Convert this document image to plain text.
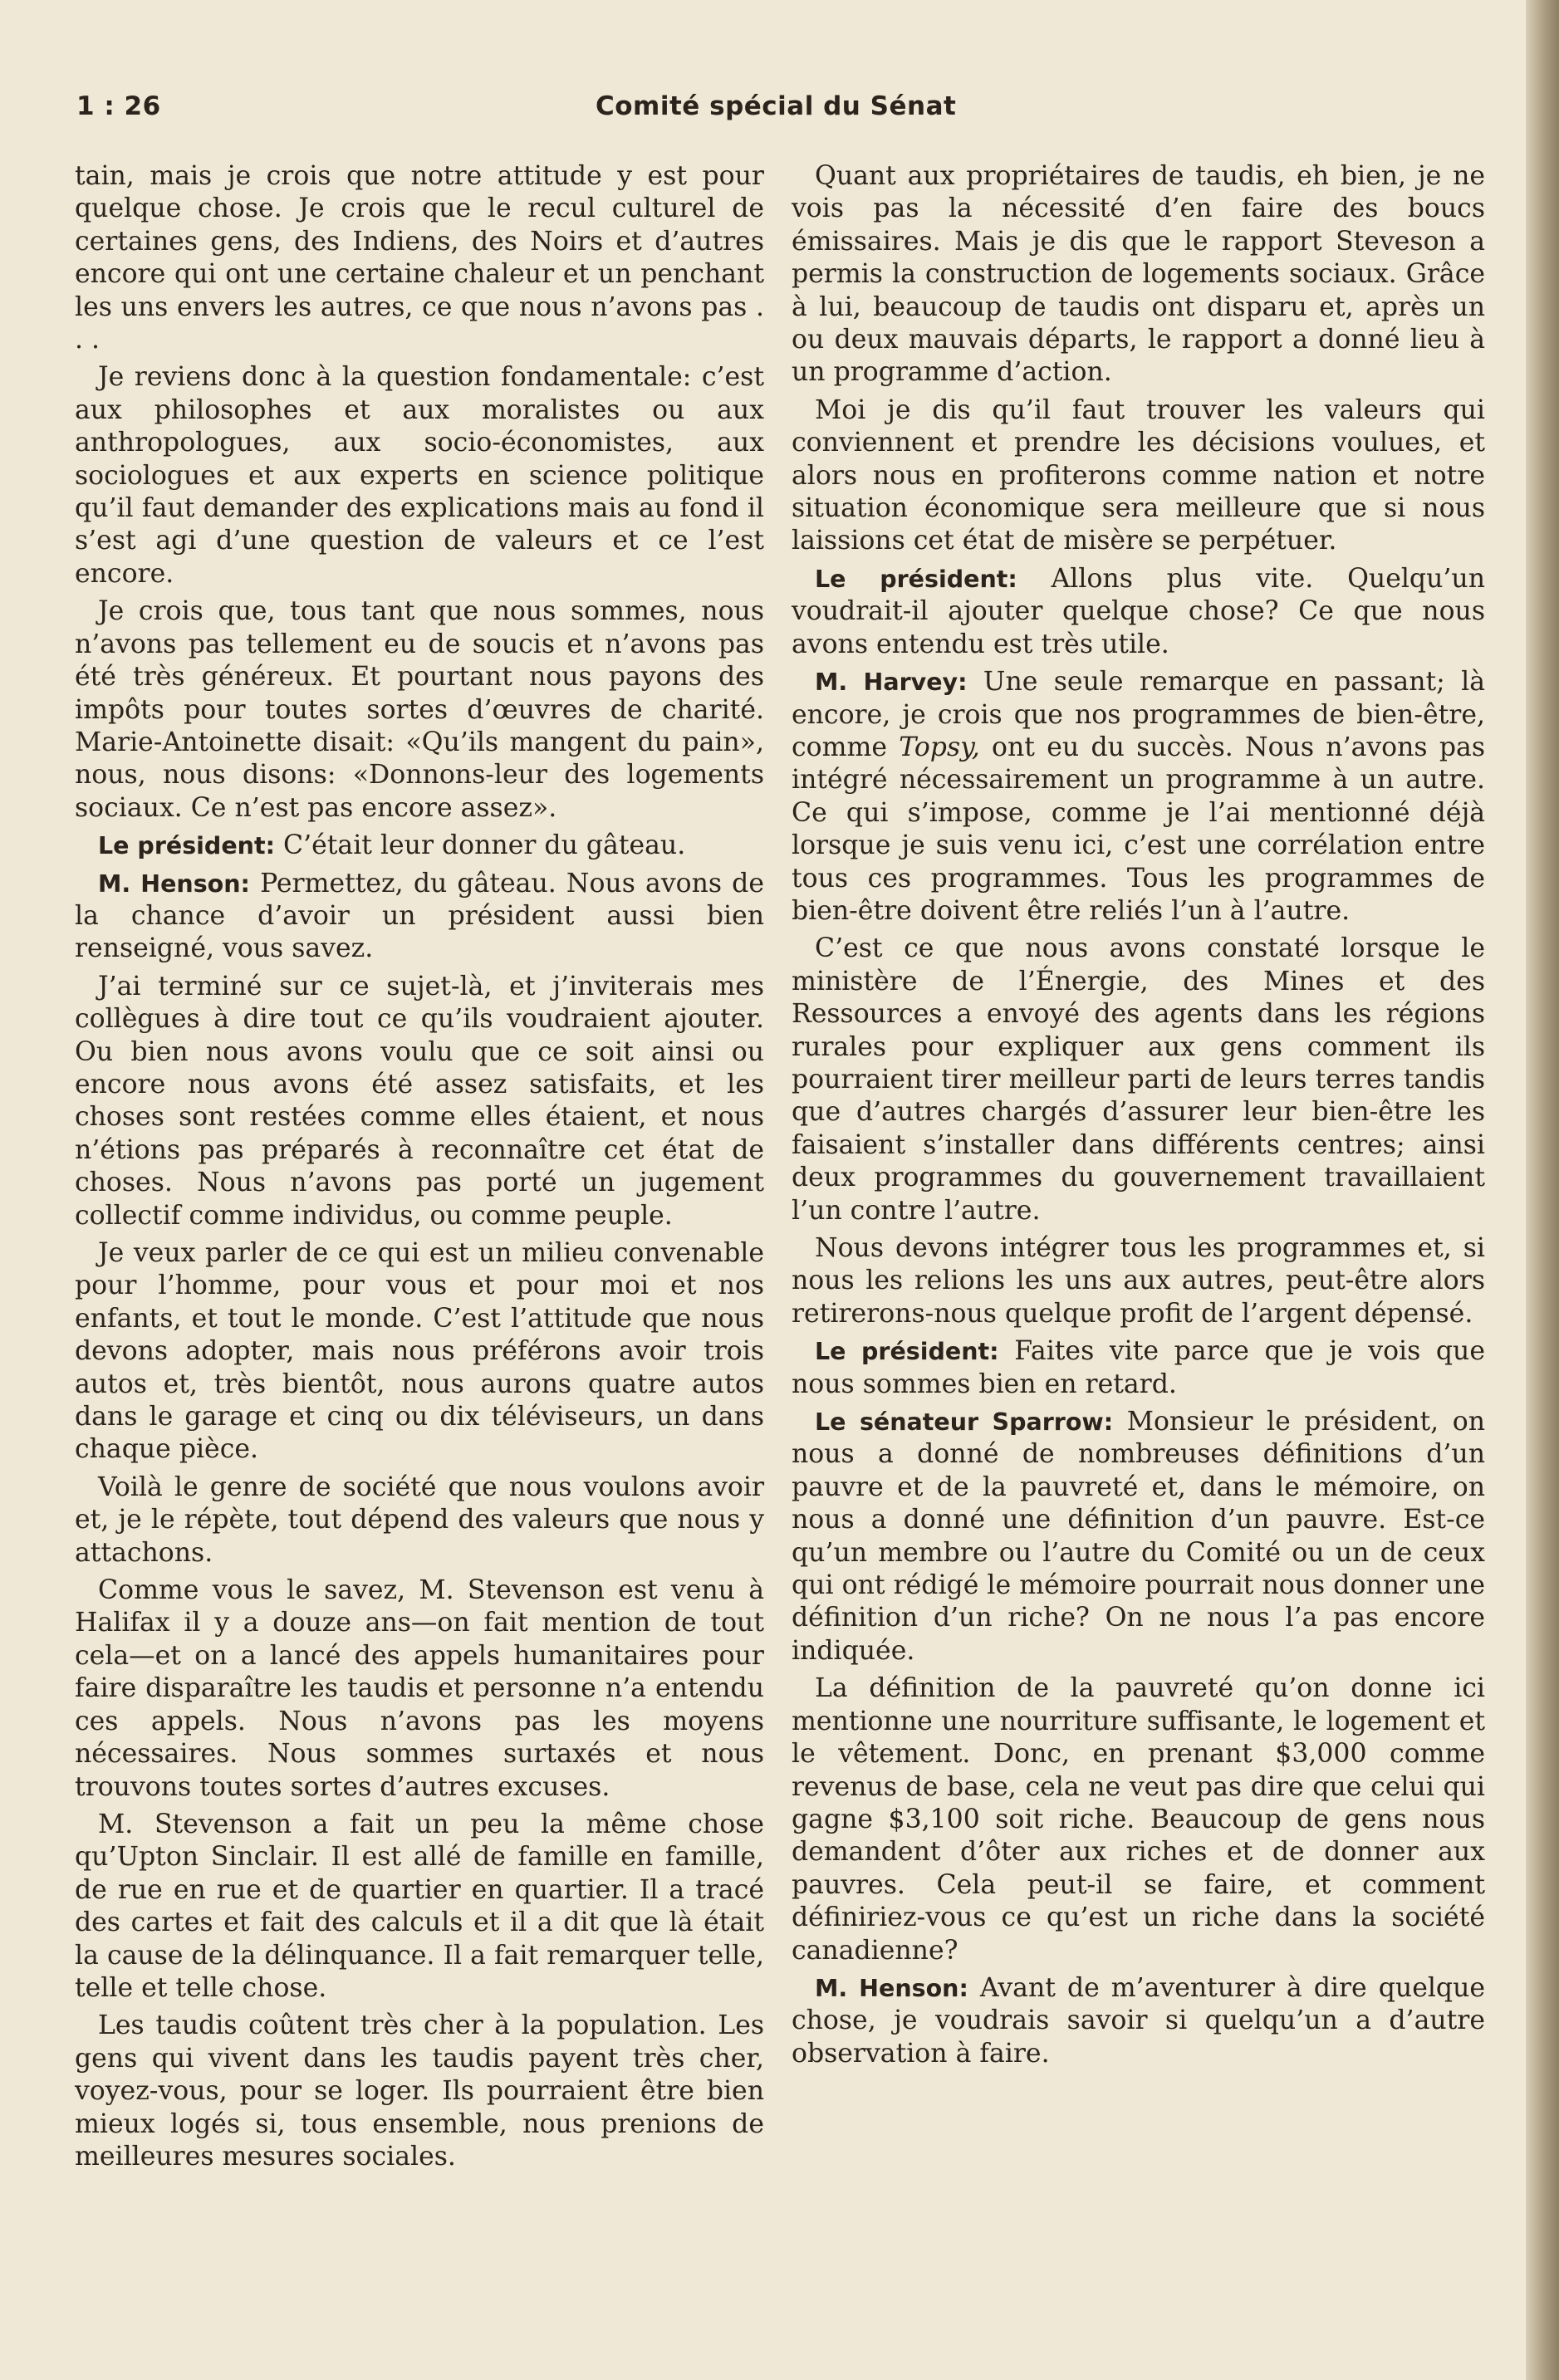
1 : 26	Comité spécial du Sénat

tain, mais je crois que notre attitude y est pour quelque chose. Je crois que le recul culturel de certaines gens, des Indiens, des Noirs et d’autres encore qui ont une certaine chaleur et un penchant les uns envers les autres, ce que nous n’avons pas . . .

Je reviens donc à la question fondamentale: c’est aux philosophes et aux moralistes ou aux anthropologues, aux socio-économistes, aux sociologues et aux experts en science politique qu’il faut demander des explications mais au fond il s’est agi d’une question de valeurs et ce l’est encore.

Je crois que, tous tant que nous sommes, nous n’avons pas tellement eu de soucis et n’avons pas été très généreux. Et pourtant nous payons des impôts pour toutes sortes d’œuvres de charité. Marie-Antoinette disait: «Qu’ils mangent du pain», nous, nous disons: «Donnons-leur des logements sociaux. Ce n’est pas encore assez».

Le président: C’était leur donner du gâteau.

M. Henson: Permettez, du gâteau. Nous avons de la chance d’avoir un président aussi bien renseigné, vous savez.

J’ai terminé sur ce sujet-là, et j’inviterais mes collègues à dire tout ce qu’ils voudraient ajouter. Ou bien nous avons voulu que ce soit ainsi ou encore nous avons été assez satisfaits, et les choses sont restées comme elles étaient, et nous n’étions pas préparés à reconnaître cet état de choses. Nous n’avons pas porté un jugement collectif comme individus, ou comme peuple.

Je veux parler de ce qui est un milieu convenable pour l’homme, pour vous et pour moi et nos enfants, et tout le monde. C’est l’attitude que nous devons adopter, mais nous préférons avoir trois autos et, très bientôt, nous aurons quatre autos dans le garage et cinq ou dix téléviseurs, un dans chaque pièce.

Voilà le genre de société que nous voulons avoir et, je le répète, tout dépend des valeurs que nous y attachons.

Comme vous le savez, M. Stevenson est venu à Halifax il y a douze ans—on fait mention de tout cela—et on a lancé des appels humanitaires pour faire disparaître les taudis et personne n’a entendu ces appels. Nous n’avons pas les moyens nécessaires. Nous sommes surtaxés et nous trouvons toutes sortes d’autres excuses.

M. Stevenson a fait un peu la même chose qu’Upton Sinclair. Il est allé de famille en famille, de rue en rue et de quartier en quartier. Il a tracé des cartes et fait des calculs et il a dit que là était la cause de la délinquance. Il a fait remarquer telle, telle et telle chose.

Les taudis coûtent très cher à la population. Les gens qui vivent dans les taudis payent très cher, voyez-vous, pour se loger. Ils pourraient être bien mieux logés si, tous ensemble, nous prenions de meilleures mesures sociales.

Quant aux propriétaires de taudis, eh bien, je ne vois pas la nécessité d’en faire des boucs émissaires. Mais je dis que le rapport Steveson a permis la construction de logements sociaux. Grâce à lui, beaucoup de taudis ont disparu et, après un ou deux mauvais départs, le rapport a donné lieu à un programme d’action.

Moi je dis qu’il faut trouver les valeurs qui conviennent et prendre les décisions voulues, et alors nous en profiterons comme nation et notre situation économique sera meilleure que si nous laissions cet état de misère se perpétuer.

Le président: Allons plus vite. Quelqu’un voudrait-il ajouter quelque chose? Ce que nous avons entendu est très utile.

M. Harvey: Une seule remarque en passant; là encore, je crois que nos programmes de bien-être, comme Topsy, ont eu du succès. Nous n’avons pas intégré nécessairement un programme à un autre. Ce qui s’impose, comme je l’ai mentionné déjà lorsque je suis venu ici, c’est une corrélation entre tous ces programmes. Tous les programmes de bien-être doivent être reliés l’un à l’autre.

C’est ce que nous avons constaté lorsque le ministère de l’Énergie, des Mines et des Ressources a envoyé des agents dans les régions rurales pour expliquer aux gens comment ils pourraient tirer meilleur parti de leurs terres tandis que d’autres chargés d’assurer leur bien-être les faisaient s’installer dans différents centres; ainsi deux programmes du gouvernement travaillaient l’un contre l’autre.

Nous devons intégrer tous les programmes et, si nous les relions les uns aux autres, peut-être alors retirerons-nous quelque profit de l’argent dépensé.

Le président: Faites vite parce que je vois que nous sommes bien en retard.

Le sénateur Sparrow: Monsieur le président, on nous a donné de nombreuses définitions d’un pauvre et de la pauvreté et, dans le mémoire, on nous a donné une définition d’un pauvre. Est-ce qu’un membre ou l’autre du Comité ou un de ceux qui ont rédigé le mémoire pourrait nous donner une définition d’un riche? On ne nous l’a pas encore indiquée.

La définition de la pauvreté qu’on donne ici mentionne une nourriture suffisante, le logement et le vêtement. Donc, en prenant $3,000 comme revenus de base, cela ne veut pas dire que celui qui gagne $3,100 soit riche. Beaucoup de gens nous demandent d’ôter aux riches et de donner aux pauvres. Cela peut-il se faire, et comment définiriez-vous ce qu’est un riche dans la société canadienne?

M. Henson: Avant de m’aventurer à dire quelque chose, je voudrais savoir si quelqu’un a d’autre observation à faire.
